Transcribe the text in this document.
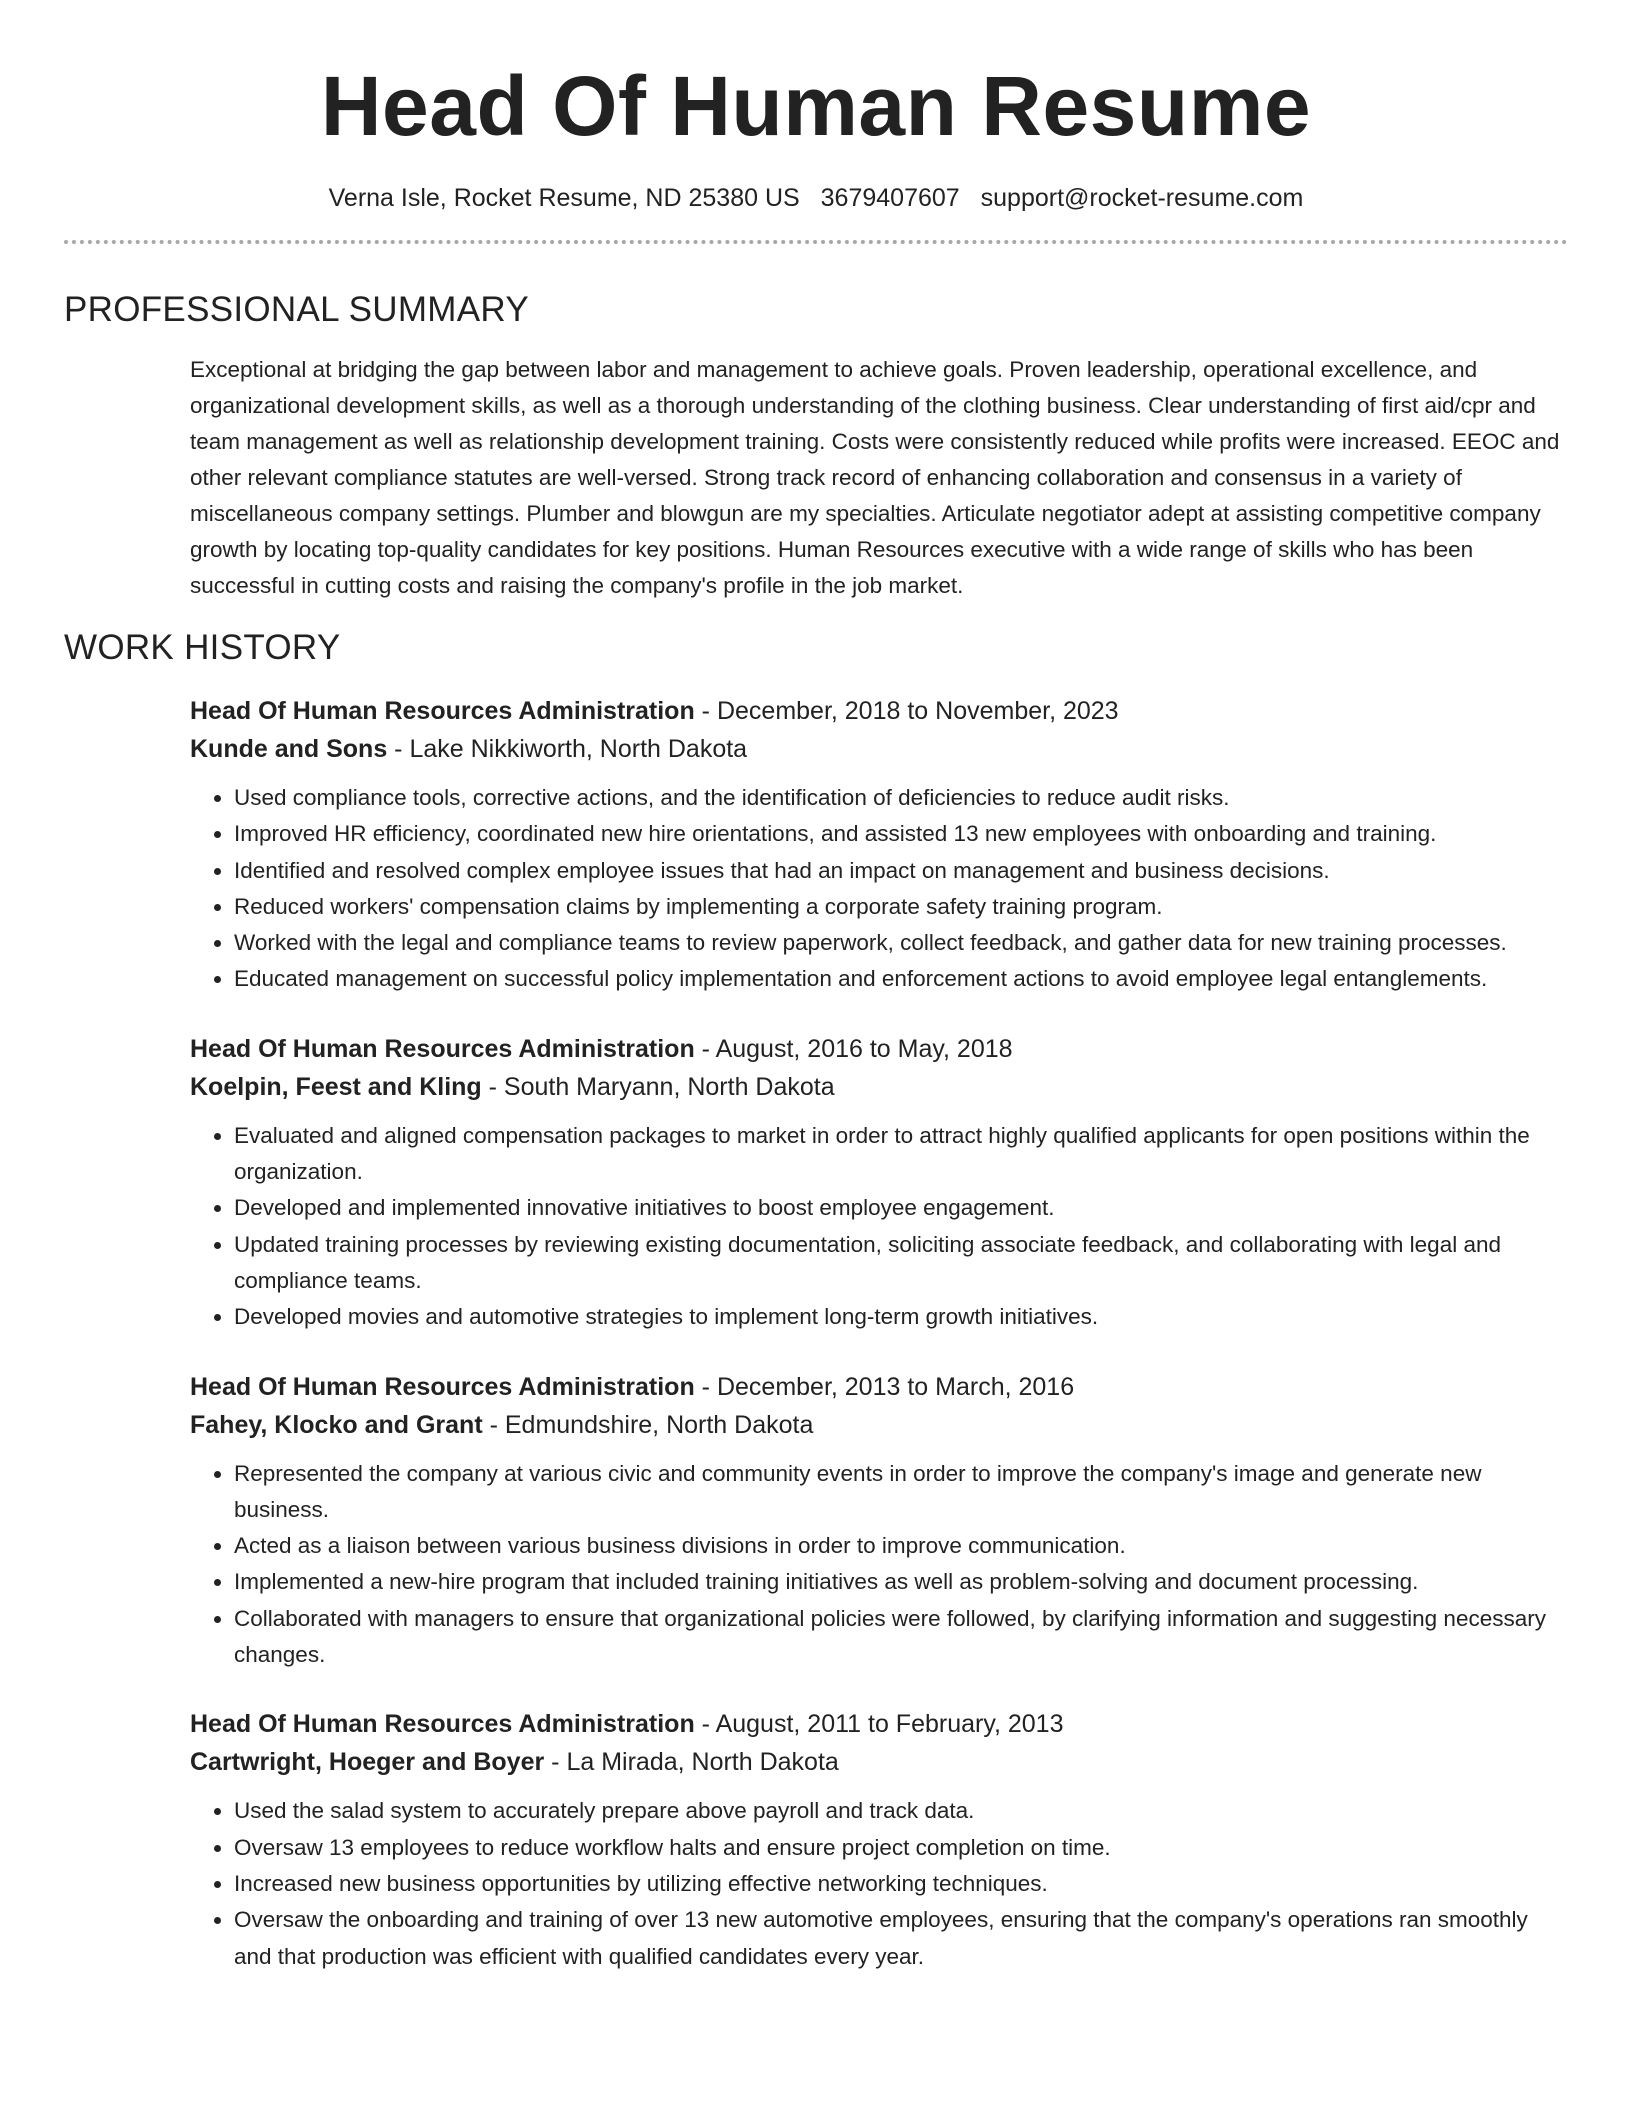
Head Of Human Resume
Verna Isle, Rocket Resume, ND 25380 US 3679407607 support@rocket-resume.com
PROFESSIONAL SUMMARY
Exceptional at bridging the gap between labor and management to achieve goals. Proven leadership, operational excellence, and organizational development skills, as well as a thorough understanding of the clothing business. Clear understanding of first aid/cpr and team management as well as relationship development training. Costs were consistently reduced while profits were increased. EEOC and other relevant compliance statutes are well-versed. Strong track record of enhancing collaboration and consensus in a variety of miscellaneous company settings. Plumber and blowgun are my specialties. Articulate negotiator adept at assisting competitive company growth by locating top-quality candidates for key positions. Human Resources executive with a wide range of skills who has been successful in cutting costs and raising the company's profile in the job market.
WORK HISTORY
Head Of Human Resources Administration - December, 2018 to November, 2023
Kunde and Sons - Lake Nikkiworth, North Dakota
• Used compliance tools, corrective actions, and the identification of deficiencies to reduce audit risks.
• Improved HR efficiency, coordinated new hire orientations, and assisted 13 new employees with onboarding and training.
• Identified and resolved complex employee issues that had an impact on management and business decisions.
• Reduced workers' compensation claims by implementing a corporate safety training program.
• Worked with the legal and compliance teams to review paperwork, collect feedback, and gather data for new training processes.
• Educated management on successful policy implementation and enforcement actions to avoid employee legal entanglements.
Head Of Human Resources Administration - August, 2016 to May, 2018
Koelpin, Feest and Kling - South Maryann, North Dakota
• Evaluated and aligned compensation packages to market in order to attract highly qualified applicants for open positions within the organization.
• Developed and implemented innovative initiatives to boost employee engagement.
• Updated training processes by reviewing existing documentation, soliciting associate feedback, and collaborating with legal and compliance teams.
• Developed movies and automotive strategies to implement long-term growth initiatives.
Head Of Human Resources Administration - December, 2013 to March, 2016
Fahey, Klocko and Grant - Edmundshire, North Dakota
• Represented the company at various civic and community events in order to improve the company's image and generate new business.
• Acted as a liaison between various business divisions in order to improve communication.
• Implemented a new-hire program that included training initiatives as well as problem-solving and document processing.
• Collaborated with managers to ensure that organizational policies were followed, by clarifying information and suggesting necessary changes.
Head Of Human Resources Administration - August, 2011 to February, 2013
Cartwright, Hoeger and Boyer - La Mirada, North Dakota
• Used the salad system to accurately prepare above payroll and track data.
• Oversaw 13 employees to reduce workflow halts and ensure project completion on time.
• Increased new business opportunities by utilizing effective networking techniques.
• Oversaw the onboarding and training of over 13 new automotive employees, ensuring that the company's operations ran smoothly and that production was efficient with qualified candidates every year.
